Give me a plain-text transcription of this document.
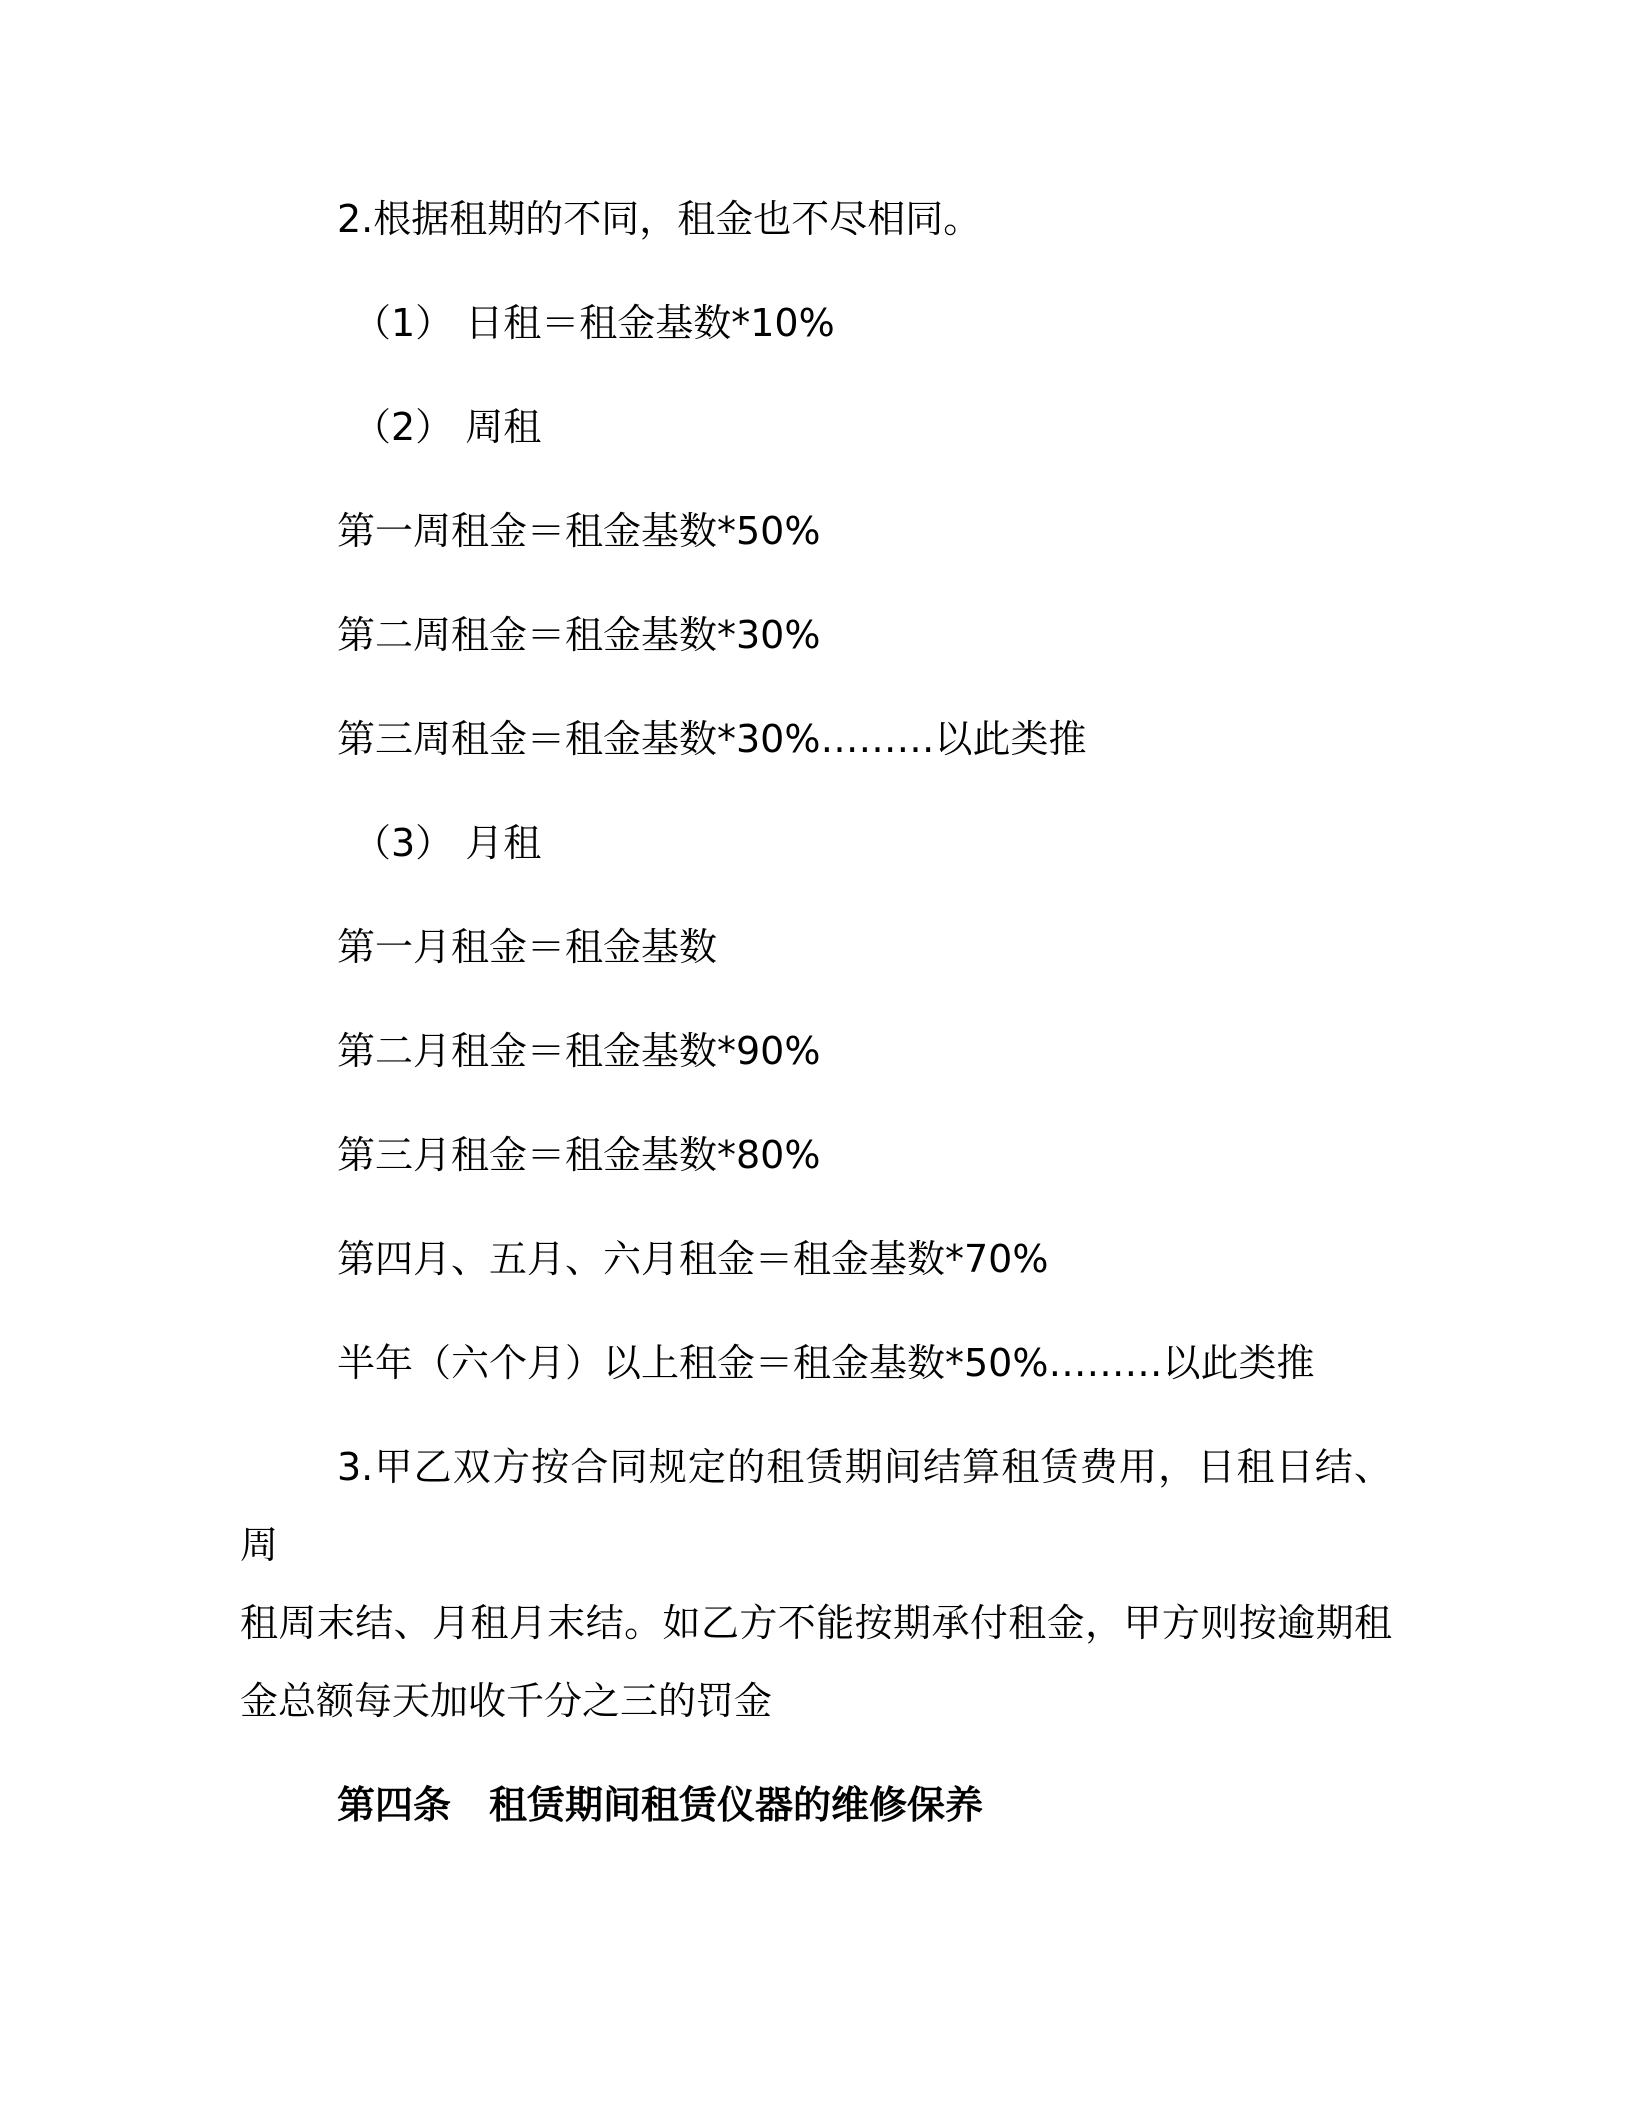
2.根据租期的不同，租金也不尽相同。

（1） 日租＝租金基数*10%

（2） 周租

第一周租金＝租金基数*50%

第二周租金＝租金基数*30%

第三周租金＝租金基数*30%………以此类推

（3） 月租

第一月租金＝租金基数

第二月租金＝租金基数*90%

第三月租金＝租金基数*80%

第四月、五月、六月租金＝租金基数*70%

半年（六个月）以上租金＝租金基数*50%………以此类推

3.甲乙双方按合同规定的租赁期间结算租赁费用，日租日结、周
租周末结、月租月末结。如乙方不能按期承付租金，甲方则按逾期租
金总额每天加收千分之三的罚金

第四条　租赁期间租赁仪器的维修保养
